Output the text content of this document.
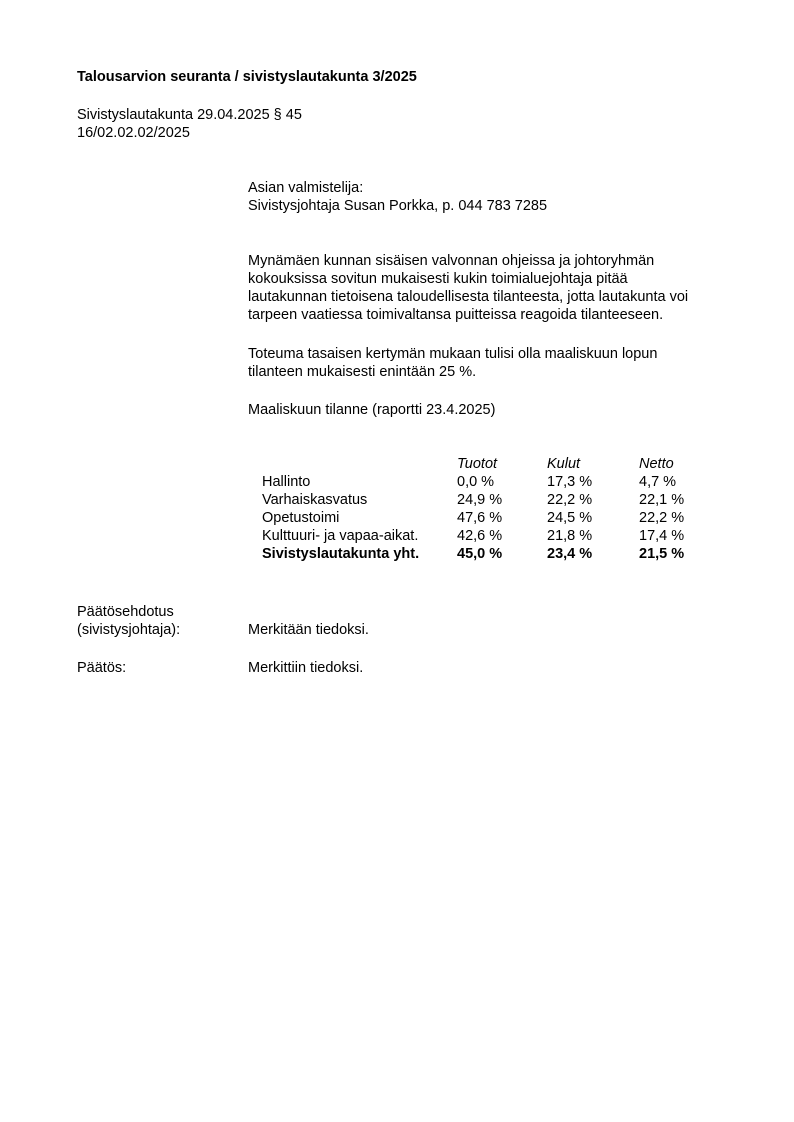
Talousarvion seuranta / sivistyslautakunta 3/2025
Sivistyslautakunta 29.04.2025 § 45
16/02.02.02/2025
Asian valmistelija:
Sivistysjohtaja Susan Porkka, p. 044 783 7285
Mynämäen kunnan sisäisen valvonnan ohjeissa ja johtoryhmän
kokouksissa sovitun mukaisesti kukin toimialuejohtaja pitää
lautakunnan tietoisena taloudellisesta tilanteesta, jotta lautakunta voi
tarpeen vaatiessa toimivaltansa puitteissa reagoida tilanteeseen.
Toteuma tasaisen kertymän mukaan tulisi olla maaliskuun lopun
tilanteen mukaisesti enintään 25 %.
Maaliskuun tilanne (raportti 23.4.2025)
	Tuotot	Kulut	Netto
Hallinto	0,0 %	17,3 %	4,7 %
Varhaiskasvatus	24,9 %	22,2 %	22,1 %
Opetustoimi	47,6 %	24,5 %	22,2 %
Kulttuuri- ja vapaa-aikat.	42,6 %	21,8 %	17,4 %
Sivistyslautakunta yht.	45,0 %	23,4 %	21,5 %
Päätösehdotus
(sivistysjohtaja):	Merkitään tiedoksi.
Päätös:	Merkittiin tiedoksi.
